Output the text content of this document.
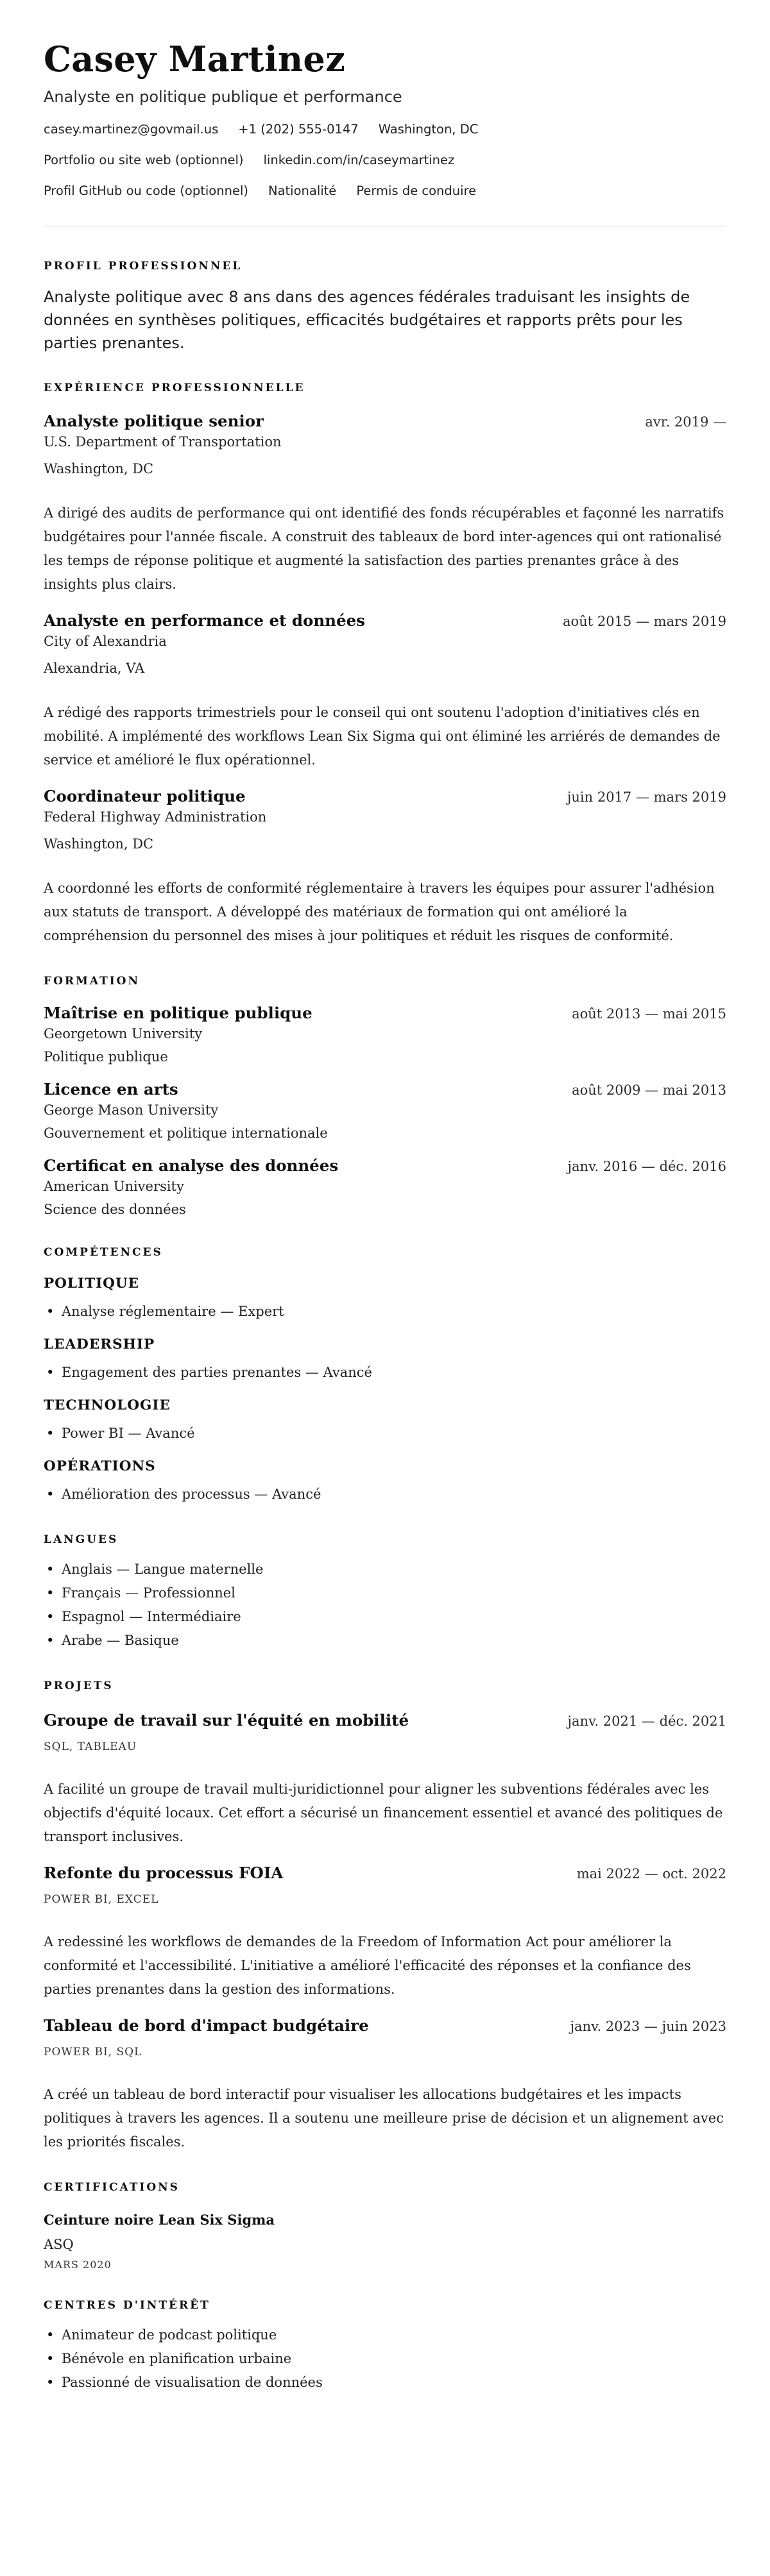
Casey Martinez
Analyste en politique publique et performance
casey.martinez@govmail.us +1 (202) 555-0147 Washington, DC
Portfolio ou site web (optionnel) linkedin.com/in/caseymartinez
Profil GitHub ou code (optionnel) Nationalité Permis de conduire
PROFIL PROFESSIONNEL

Analyste politique avec 8 ans dans des agences fédérales traduisant les insights de données en synthèses politiques, efficacités budgétaires et rapports prêts pour les parties prenantes.

EXPÉRIENCE PROFESSIONNELLE
Analyste politique senior	avr. 2019 —
U.S. Department of Transportation
Washington, DC

A dirigé des audits de performance qui ont identifié des fonds récupérables et façonné les narratifs budgétaires pour l'année fiscale. A construit des tableaux de bord inter-agences qui ont rationalisé les temps de réponse politique et augmenté la satisfaction des parties prenantes grâce à des insights plus clairs.

Analyste en performance et données	août 2015 — mars 2019
City of Alexandria
Alexandria, VA

A rédigé des rapports trimestriels pour le conseil qui ont soutenu l'adoption d'initiatives clés en mobilité. A implémenté des workflows Lean Six Sigma qui ont éliminé les arriérés de demandes de service et amélioré le flux opérationnel.

Coordinateur politique	juin 2017 — mars 2019
Federal Highway Administration
Washington, DC

A coordonné les efforts de conformité réglementaire à travers les équipes pour assurer l'adhésion aux statuts de transport. A développé des matériaux de formation qui ont amélioré la compréhension du personnel des mises à jour politiques et réduit les risques de conformité.

FORMATION
Maîtrise en politique publique	août 2013 — mai 2015
Georgetown University
Politique publique
Licence en arts	août 2009 — mai 2013
George Mason University
Gouvernement et politique internationale
Certificat en analyse des données	janv. 2016 — déc. 2016
American University
Science des données
COMPÉTENCES
POLITIQUE
• Analyse réglementaire — Expert
LEADERSHIP
• Engagement des parties prenantes — Avancé
TECHNOLOGIE
• Power BI — Avancé
OPÉRATIONS
• Amélioration des processus — Avancé
LANGUES
• Anglais — Langue maternelle
• Français — Professionnel
• Espagnol — Intermédiaire
• Arabe — Basique
PROJETS
Groupe de travail sur l'équité en mobilité	janv. 2021 — déc. 2021
SQL, TABLEAU

A facilité un groupe de travail multi-juridictionnel pour aligner les subventions fédérales avec les objectifs d'équité locaux. Cet effort a sécurisé un financement essentiel et avancé des politiques de transport inclusives.

Refonte du processus FOIA	mai 2022 — oct. 2022
POWER BI, EXCEL

A redessiné les workflows de demandes de la Freedom of Information Act pour améliorer la conformité et l'accessibilité. L'initiative a amélioré l'efficacité des réponses et la confiance des parties prenantes dans la gestion des informations.

Tableau de bord d'impact budgétaire	janv. 2023 — juin 2023
POWER BI, SQL

A créé un tableau de bord interactif pour visualiser les allocations budgétaires et les impacts politiques à travers les agences. Il a soutenu une meilleure prise de décision et un alignement avec les priorités fiscales.

CERTIFICATIONS
Ceinture noire Lean Six Sigma
ASQ
MARS 2020
CENTRES D'INTÉRÊT
• Animateur de podcast politique
• Bénévole en planification urbaine
• Passionné de visualisation de données
